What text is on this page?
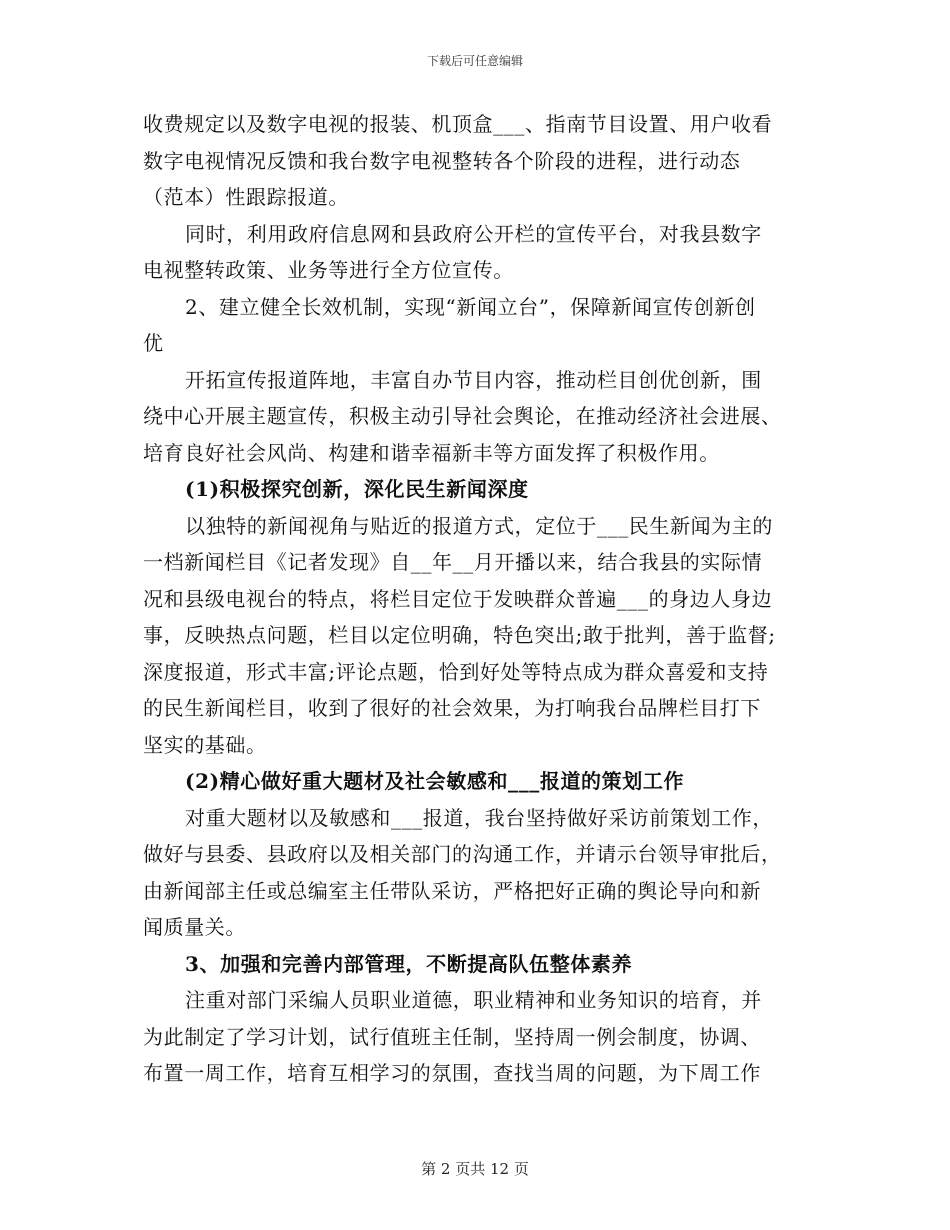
下载后可任意编辑

收费规定以及数字电视的报装、机顶盒___、指南节目设置、用户收看

数字电视情况反馈和我台数字电视整转各个阶段的进程，进行动态

（范本）性跟踪报道。

同时，利用政府信息网和县政府公开栏的宣传平台，对我县数字

电视整转政策、业务等进行全方位宣传。

2、建立健全长效机制，实现“新闻立台”，保障新闻宣传创新创

优

开拓宣传报道阵地，丰富自办节目内容，推动栏目创优创新，围

绕中心开展主题宣传，积极主动引导社会舆论，在推动经济社会进展、

培育良好社会风尚、构建和谐幸福新丰等方面发挥了积极作用。

(1)积极探究创新，深化民生新闻深度

以独特的新闻视角与贴近的报道方式，定位于___民生新闻为主的

一档新闻栏目《记者发现》自__年__月开播以来，结合我县的实际情

况和县级电视台的特点，将栏目定位于发映群众普遍___的身边人身边

事，反映热点问题，栏目以定位明确，特色突出;敢于批判，善于监督;

深度报道，形式丰富;评论点题，恰到好处等特点成为群众喜爱和支持

的民生新闻栏目，收到了很好的社会效果，为打响我台品牌栏目打下

坚实的基础。

(2)精心做好重大题材及社会敏感和___报道的策划工作

对重大题材以及敏感和___报道，我台坚持做好采访前策划工作，

做好与县委、县政府以及相关部门的沟通工作，并请示台领导审批后，

由新闻部主任或总编室主任带队采访，严格把好正确的舆论导向和新

闻质量关。

3、加强和完善内部管理，不断提高队伍整体素养

注重对部门采编人员职业道德，职业精神和业务知识的培育，并

为此制定了学习计划，试行值班主任制，坚持周一例会制度，协调、

布置一周工作，培育互相学习的氛围，查找当周的问题，为下周工作

第 2 页共 12 页
